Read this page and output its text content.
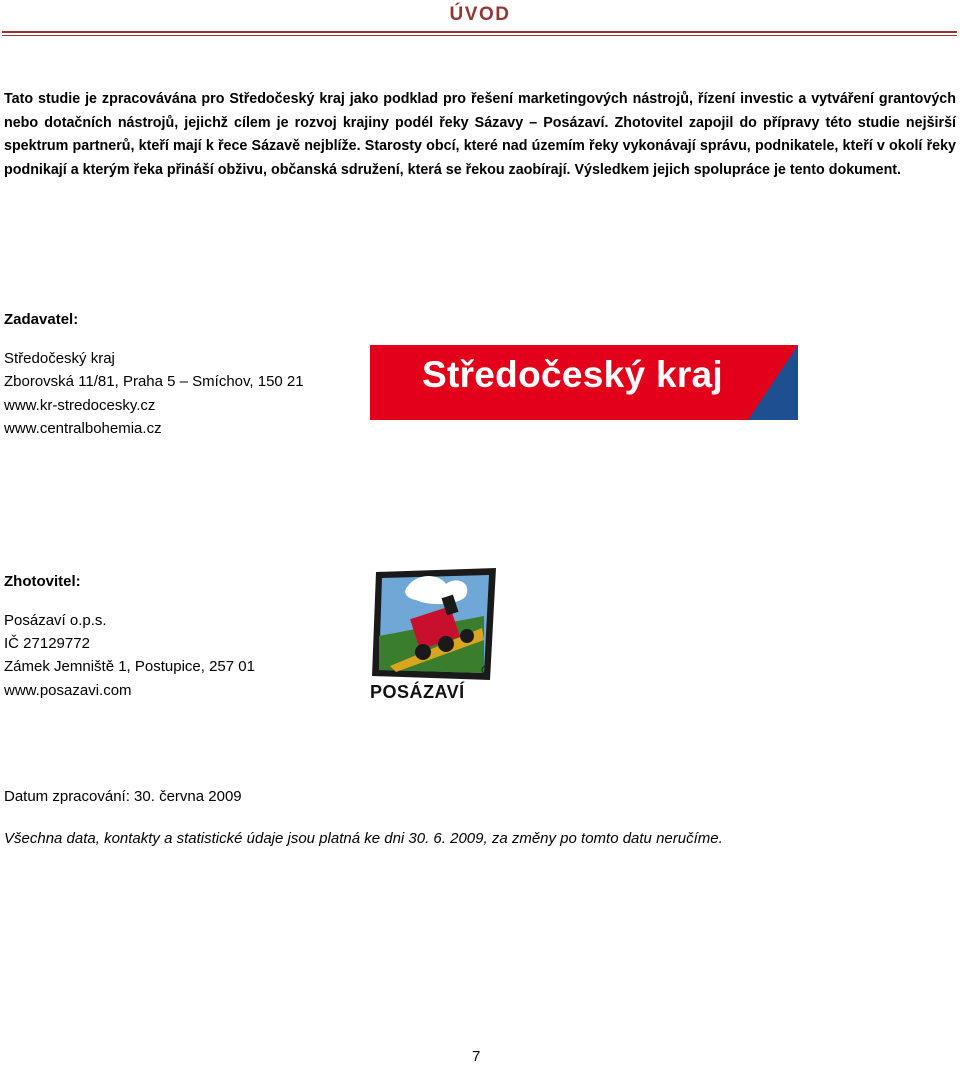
ÚVOD

Tato studie je zpracovávána pro Středočeský kraj jako podklad pro řešení marketingových nástrojů, řízení investic a vytváření grantových nebo dotačních nástrojů, jejichž cílem je rozvoj krajiny podél řeky Sázavy – Posázaví. Zhotovitel zapojil do přípravy této studie nejširší spektrum partnerů, kteří mají k řece Sázavě nejblíže. Starosty obcí, které nad územím řeky vykonávají správu, podnikatele, kteří v okolí řeky podnikají a kterým řeka přináší obživu, občanská sdružení, která se řekou zaobírají. Výsledkem jejich spolupráce je tento dokument.

Zadavatel:
Středočeský kraj
Zborovská 11/81, Praha 5 – Smíchov, 150 21
www.kr-stredocesky.cz
www.centralbohemia.cz
Středočeský kraj
Zhotovitel:
Posázaví o.p.s.
IČ 27129772
Zámek Jemniště 1, Postupice, 257 01
www.posazavi.com	POSÁZAVÍ
Datum zpracování: 30. června 2009
Všechna data, kontakty a statistické údaje jsou platná ke dni 30. 6. 2009, za změny po tomto datu neručíme.
7
